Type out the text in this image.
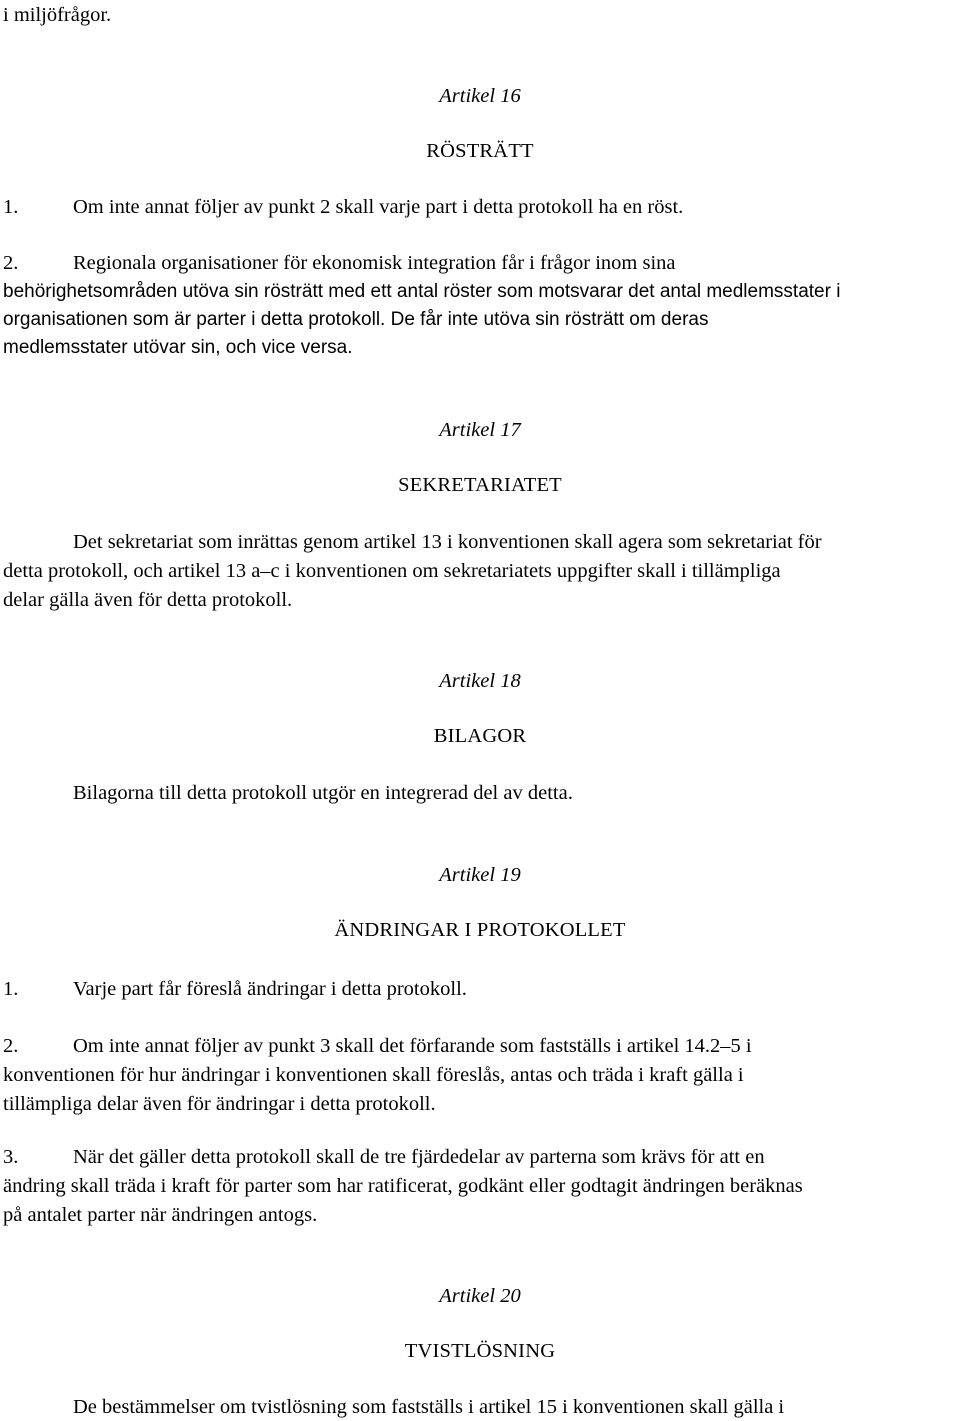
i miljöfrågor.
Artikel 16
RÖSTRÄTT
1.	Om inte annat följer av punkt 2 skall varje part i detta protokoll ha en röst.
2.	Regionala organisationer för ekonomisk integration får i frågor inom sina
behörighetsområden utöva sin rösträtt med ett antal röster som motsvarar det antal medlemsstater i
organisationen som är parter i detta protokoll. De får inte utöva sin rösträtt om deras
medlemsstater utövar sin, och vice versa.
Artikel 17
SEKRETARIATET
Det sekretariat som inrättas genom artikel 13 i konventionen skall agera som sekretariat för
detta protokoll, och artikel 13 a–c i konventionen om sekretariatets uppgifter skall i tillämpliga
delar gälla även för detta protokoll.
Artikel 18
BILAGOR
Bilagorna till detta protokoll utgör en integrerad del av detta.
Artikel 19
ÄNDRINGAR I PROTOKOLLET
1.	Varje part får föreslå ändringar i detta protokoll.
2.	Om inte annat följer av punkt 3 skall det förfarande som fastställs i artikel 14.2–5 i
konventionen för hur ändringar i konventionen skall föreslås, antas och träda i kraft gälla i
tillämpliga delar även för ändringar i detta protokoll.
3.	När det gäller detta protokoll skall de tre fjärdedelar av parterna som krävs för att en
ändring skall träda i kraft för parter som har ratificerat, godkänt eller godtagit ändringen beräknas
på antalet parter när ändringen antogs.
Artikel 20
TVISTLÖSNING
De bestämmelser om tvistlösning som fastställs i artikel 15 i konventionen skall gälla i
